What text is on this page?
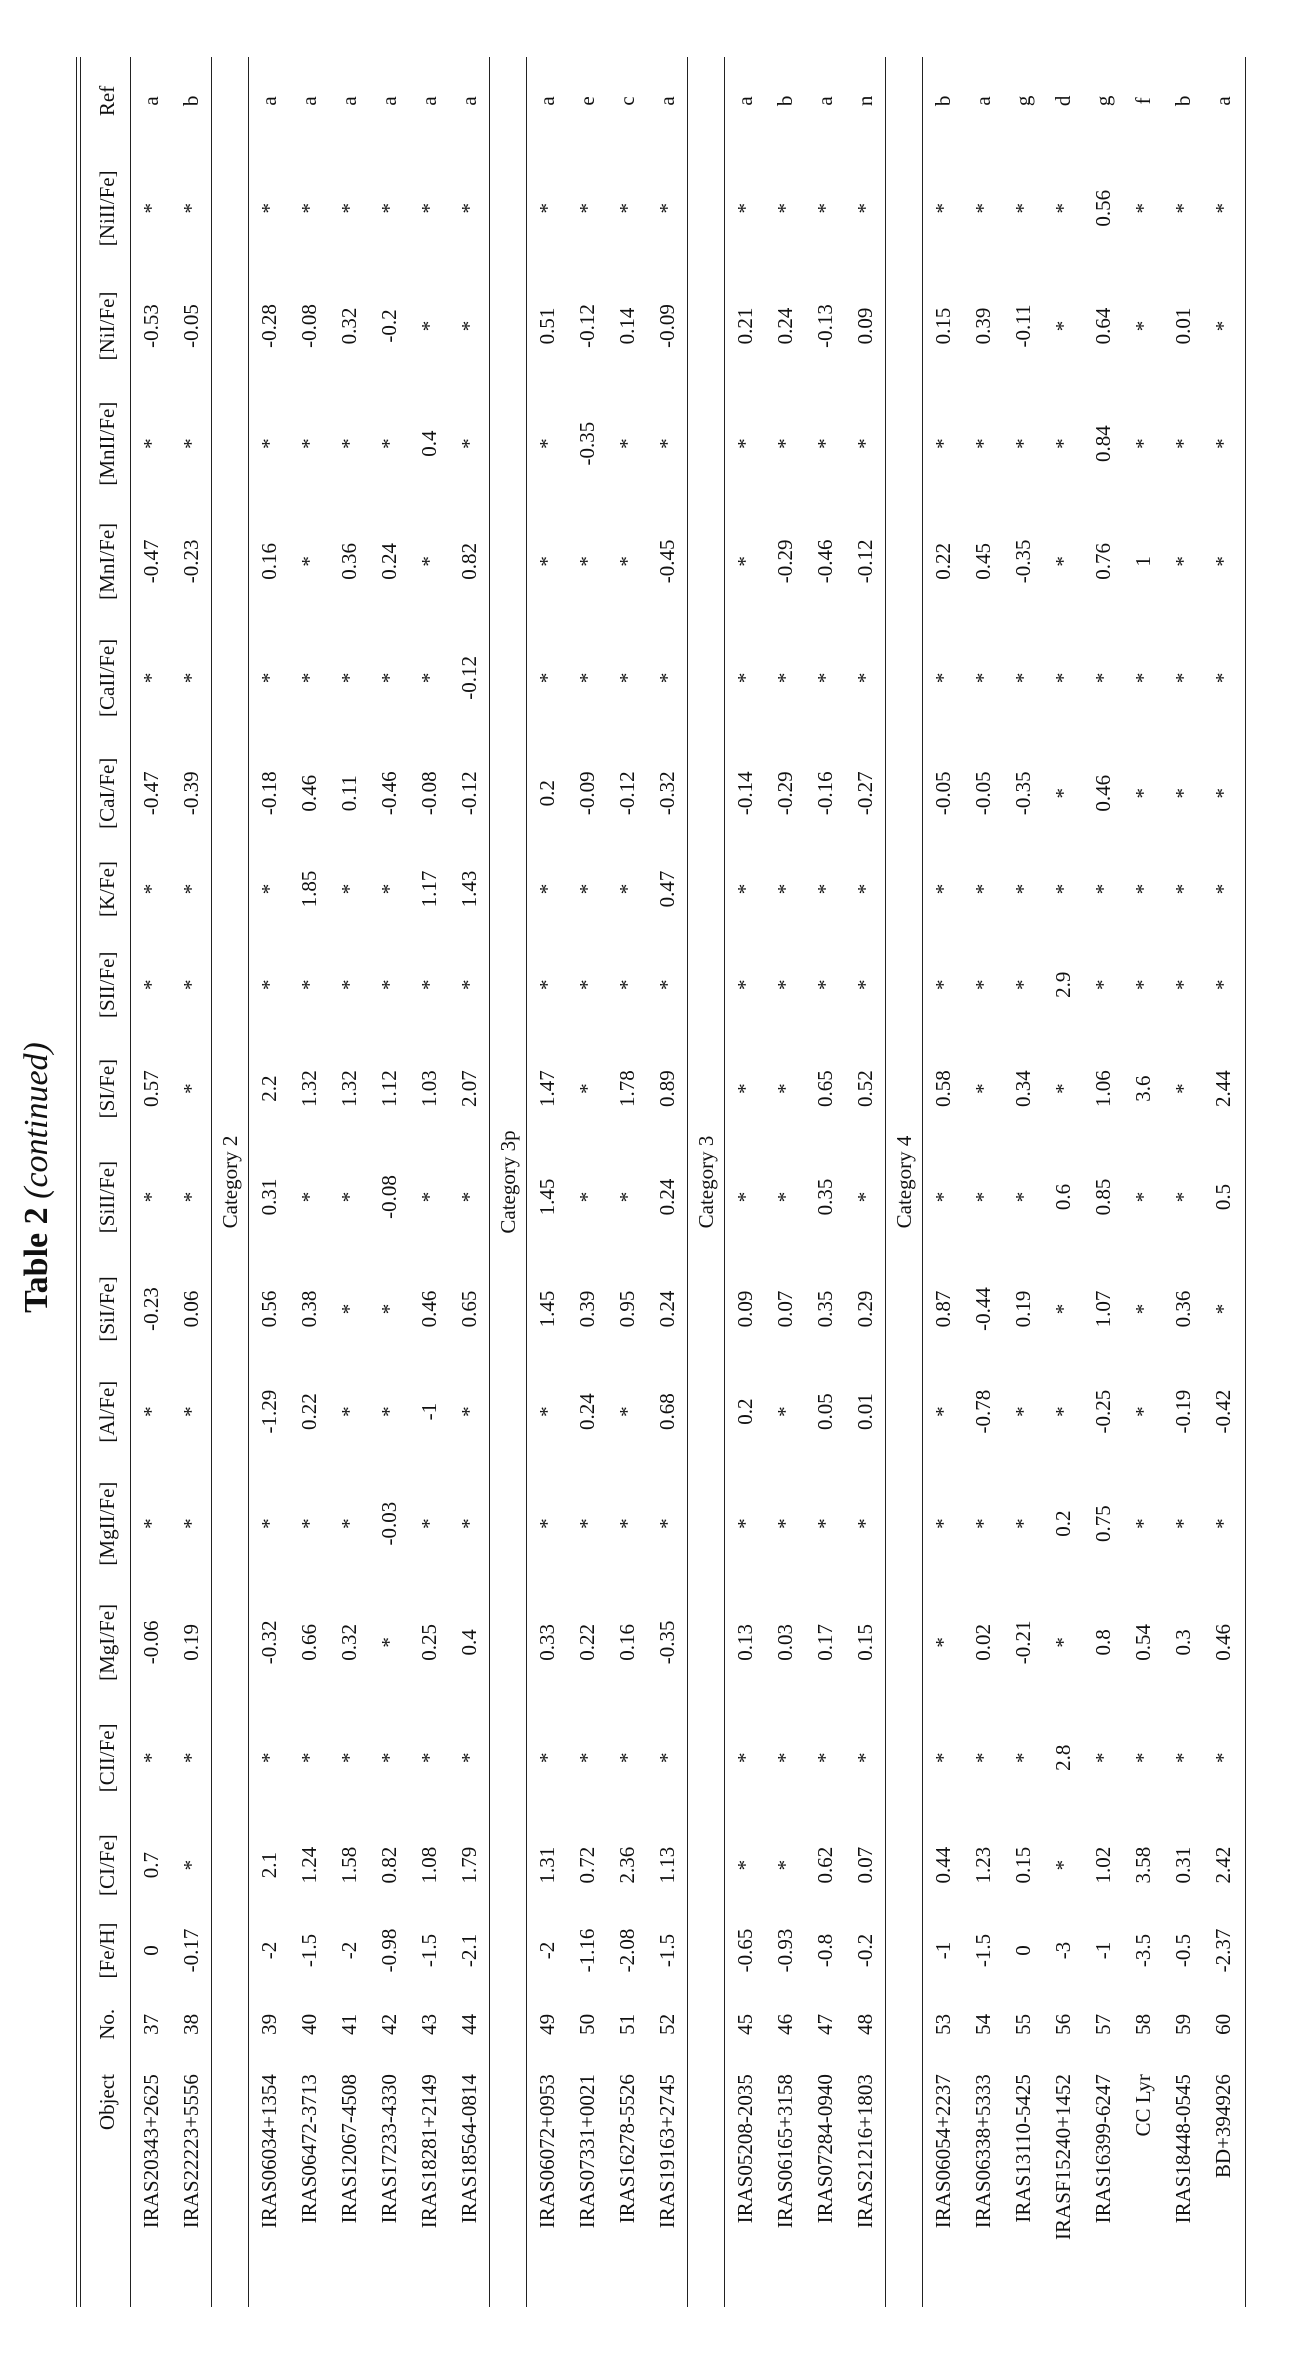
Table 2 (continued)
Object	No.	[Fe/H]	[CI/Fe]	[CII/Fe]	[MgI/Fe]	[MgII/Fe]	[Al/Fe]	[SiI/Fe]	[SiII/Fe]	[SI/Fe]	[SII/Fe]	[K/Fe]	[CaI/Fe]	[CaII/Fe]	[MnI/Fe]	[MnII/Fe]	[NiI/Fe]	[NiII/Fe]	Ref
IRAS20343+2625	37	0	0.7	*	-0.06	*	*	-0.23	*	0.57	*	*	-0.47	*	-0.47	*	-0.53	*	a
IRAS22223+5556	38	-0.17	*	*	0.19	*	*	0.06	*	*	*	*	-0.39	*	-0.23	*	-0.05	*	b
Category 2																			
IRAS06034+1354	39	-2	2.1	*	-0.32	*	-1.29	0.56	0.31	2.2	*	*	-0.18	*	0.16	*	-0.28	*	a
IRAS06472-3713	40	-1.5	1.24	*	0.66	*	0.22	0.38	*	1.32	*	1.85	0.46	*	*	*	-0.08	*	a
IRAS12067-4508	41	-2	1.58	*	0.32	*	*	*	*	1.32	*	*	0.11	*	0.36	*	0.32	*	a
IRAS17233-4330	42	-0.98	0.82	*	*	-0.03	*	*	-0.08	1.12	*	*	-0.46	*	0.24	*	-0.2	*	a
IRAS18281+2149	43	-1.5	1.08	*	0.25	*	-1	0.46	*	1.03	*	1.17	-0.08	*	*	0.4	*	*	a
IRAS18564-0814	44	-2.1	1.79	*	0.4	*	*	0.65	*	2.07	*	1.43	-0.12	-0.12	0.82	*	*	*	a
Category 3p																			
IRAS06072+0953	49	-2	1.31	*	0.33	*	*	1.45	1.45	1.47	*	*	0.2	*	*	*	0.51	*	a
IRAS07331+0021	50	-1.16	0.72	*	0.22	*	0.24	0.39	*	*	*	*	-0.09	*	*	-0.35	-0.12	*	e
IRAS16278-5526	51	-2.08	2.36	*	0.16	*	*	0.95	*	1.78	*	*	-0.12	*	*	*	0.14	*	c
IRAS19163+2745	52	-1.5	1.13	*	-0.35	*	0.68	0.24	0.24	0.89	*	0.47	-0.32	*	-0.45	*	-0.09	*	a
Category 3																			
IRAS05208-2035	45	-0.65	*	*	0.13	*	0.2	0.09	*	*	*	*	-0.14	*	*	*	0.21	*	a
IRAS06165+3158	46	-0.93	*	*	0.03	*	*	0.07	*	*	*	*	-0.29	*	-0.29	*	0.24	*	b
IRAS07284-0940	47	-0.8	0.62	*	0.17	*	0.05	0.35	0.35	0.65	*	*	-0.16	*	-0.46	*	-0.13	*	a
IRAS21216+1803	48	-0.2	0.07	*	0.15	*	0.01	0.29	*	0.52	*	*	-0.27	*	-0.12	*	0.09	*	n
Category 4																			
IRAS06054+2237	53	-1	0.44	*	*	*	*	0.87	*	0.58	*	*	-0.05	*	0.22	*	0.15	*	b
IRAS06338+5333	54	-1.5	1.23	*	0.02	*	-0.78	-0.44	*	*	*	*	-0.05	*	0.45	*	0.39	*	a
IRAS13110-5425	55	0	0.15	*	-0.21	*	*	0.19	*	0.34	*	*	-0.35	*	-0.35	*	-0.11	*	g
IRASF15240+1452	56	-3	*	2.8	*	0.2	*	*	0.6	*	2.9	*	*	*	*	*	*	*	d
IRAS16399-6247	57	-1	1.02	*	0.8	0.75	-0.25	1.07	0.85	1.06	*	*	0.46	*	0.76	0.84	0.64	0.56	g
CC Lyr	58	-3.5	3.58	*	0.54	*	*	*	*	3.6	*	*	*	*	1	*	*	*	f
IRAS18448-0545	59	-0.5	0.31	*	0.3	*	-0.19	0.36	*	*	*	*	*	*	*	*	0.01	*	b
BD+394926	60	-2.37	2.42	*	0.46	*	-0.42	*	0.5	2.44	*	*	*	*	*	*	*	*	a
